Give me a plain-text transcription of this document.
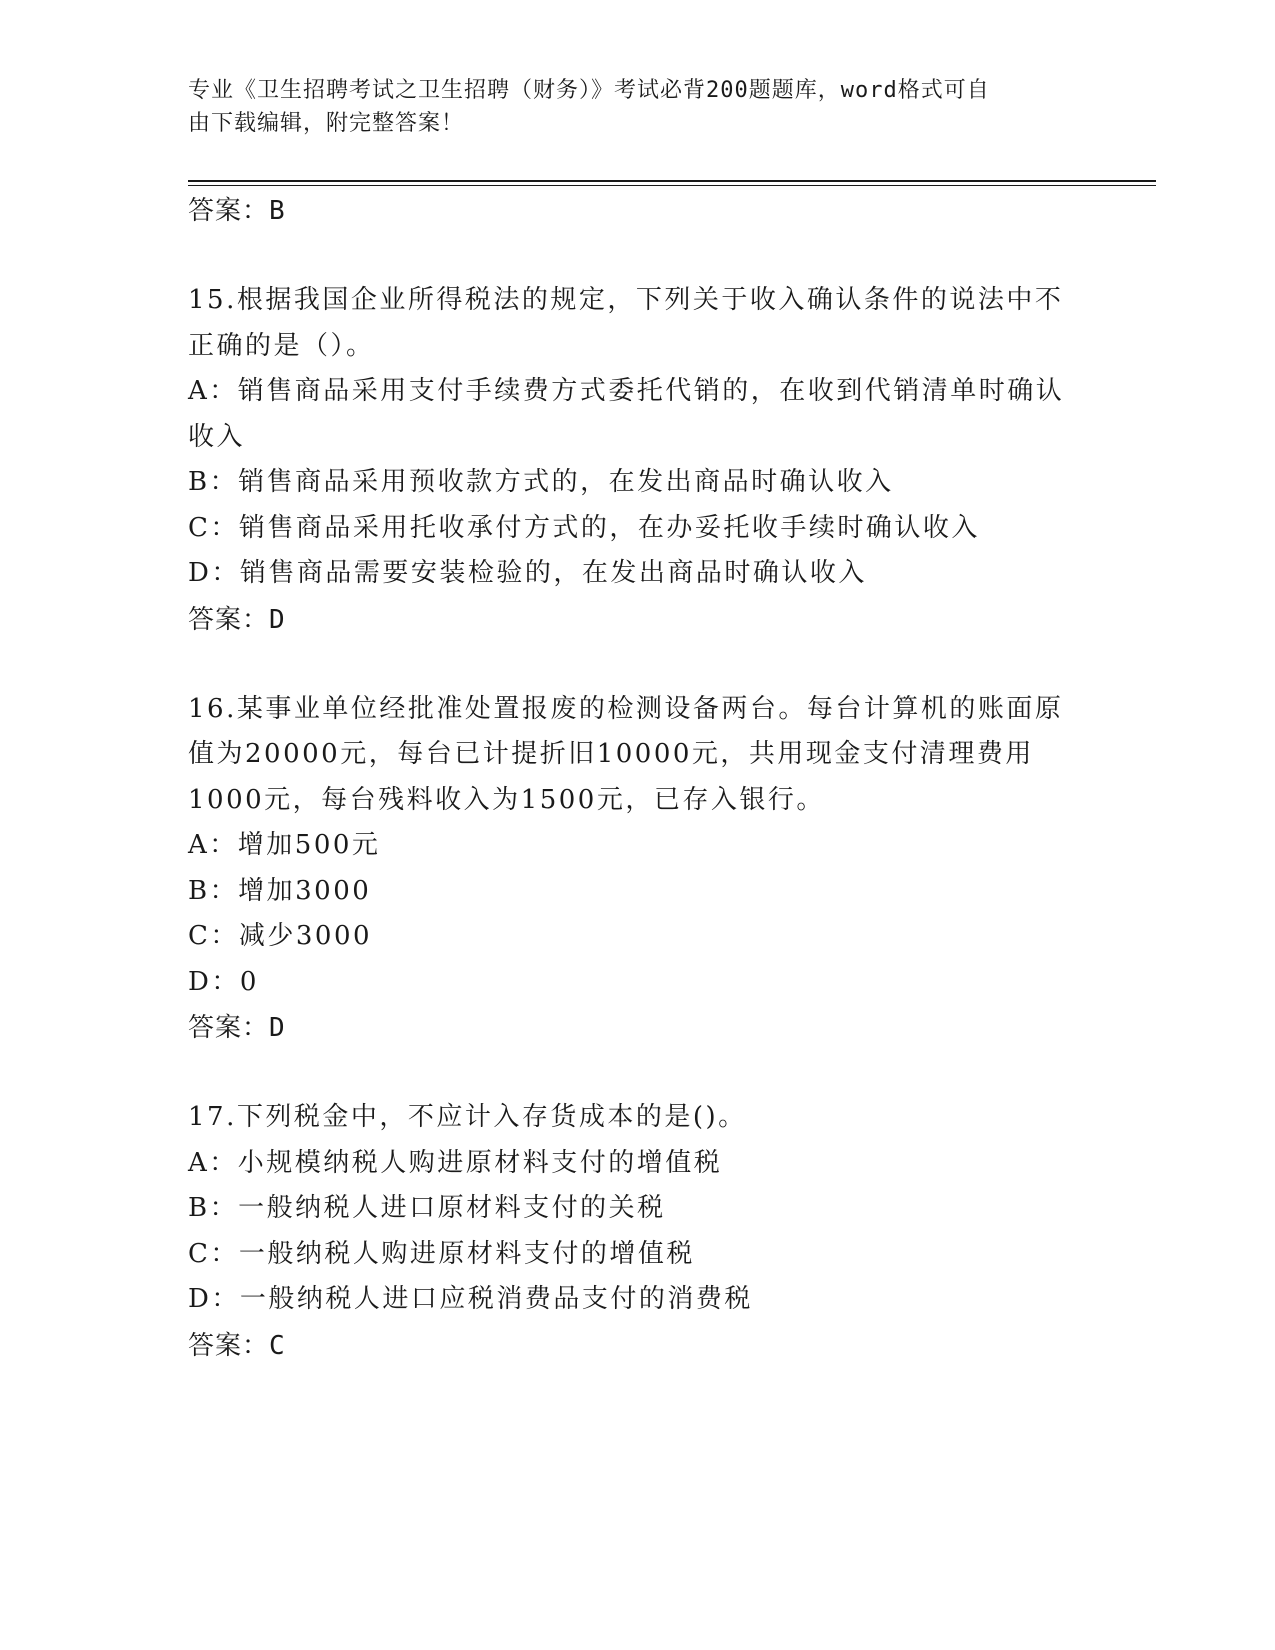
专业《卫生招聘考试之卫生招聘（财务）》考试必背200题题库，word格式可自
由下载编辑，附完整答案！
答案：B
15.根据我国企业所得税法的规定，下列关于收入确认条件的说法中不
正确的是（）。
A：销售商品采用支付手续费方式委托代销的，在收到代销清单时确认
收入
B：销售商品采用预收款方式的，在发出商品时确认收入
C：销售商品采用托收承付方式的，在办妥托收手续时确认收入
D：销售商品需要安装检验的，在发出商品时确认收入
答案：D
16.某事业单位经批准处置报废的检测设备两台。每台计算机的账面原
值为20000元，每台已计提折旧10000元，共用现金支付清理费用
1000元，每台残料收入为1500元，已存入银行。
A：增加500元
B：增加3000
C：减少3000
D：0
答案：D
17.下列税金中，不应计入存货成本的是()。
A：小规模纳税人购进原材料支付的增值税
B：一般纳税人进口原材料支付的关税
C：一般纳税人购进原材料支付的增值税
D：一般纳税人进口应税消费品支付的消费税
答案：C
